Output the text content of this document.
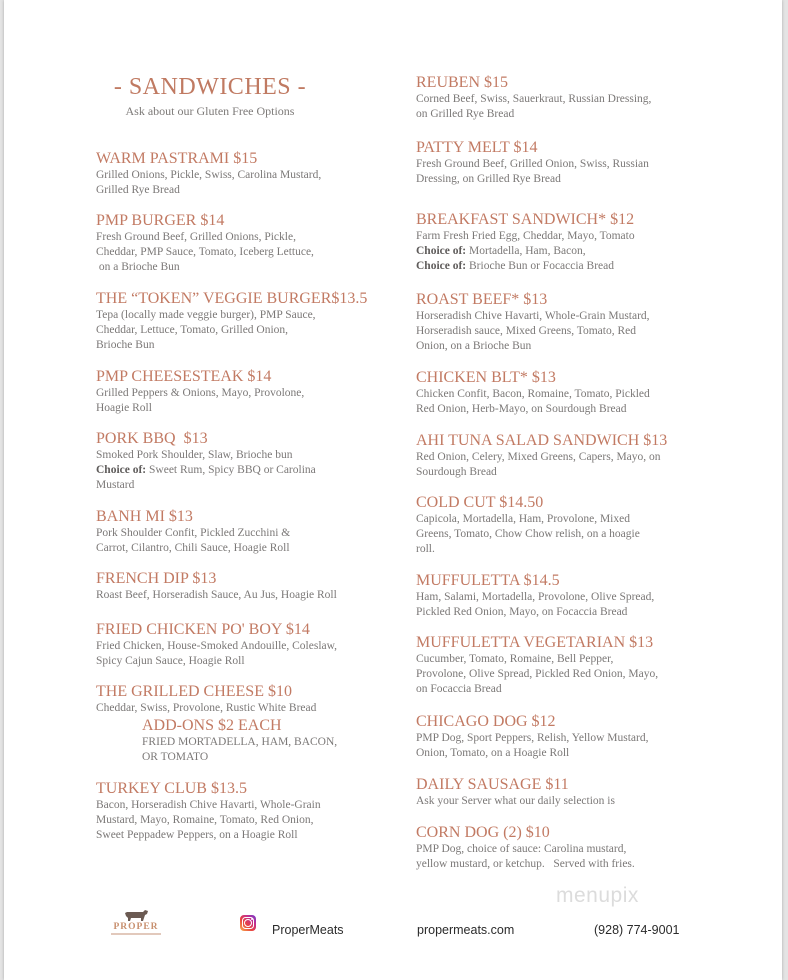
- SANDWICHES -
Ask about our Gluten Free Options
WARM PASTRAMI $15
Grilled Onions, Pickle, Swiss, Carolina Mustard,
Grilled Rye Bread
PMP BURGER $14
Fresh Ground Beef, Grilled Onions, Pickle,
Cheddar, PMP Sauce, Tomato, Iceberg Lettuce,
on a Brioche Bun
THE “TOKEN” VEGGIE BURGER$13.5
Tepa (locally made veggie burger), PMP Sauce,
Cheddar, Lettuce, Tomato, Grilled Onion,
Brioche Bun
PMP CHEESESTEAK $14
Grilled Peppers & Onions, Mayo, Provolone,
Hoagie Roll
PORK BBQ  $13
Smoked Pork Shoulder, Slaw, Brioche bun
Choice of: Sweet Rum, Spicy BBQ or Carolina
Mustard
BANH MI $13
Pork Shoulder Confit, Pickled Zucchini &
Carrot, Cilantro, Chili Sauce, Hoagie Roll
FRENCH DIP $13
Roast Beef, Horseradish Sauce, Au Jus, Hoagie Roll
FRIED CHICKEN PO' BOY $14
Fried Chicken, House-Smoked Andouille, Coleslaw,
Spicy Cajun Sauce, Hoagie Roll
THE GRILLED CHEESE $10
Cheddar, Swiss, Provolone, Rustic White Bread
ADD-ONS $2 EACH
FRIED MORTADELLA, HAM, BACON,
OR TOMATO
TURKEY CLUB $13.5
Bacon, Horseradish Chive Havarti, Whole-Grain
Mustard, Mayo, Romaine, Tomato, Red Onion,
Sweet Peppadew Peppers, on a Hoagie Roll
REUBEN $15
Corned Beef, Swiss, Sauerkraut, Russian Dressing,
on Grilled Rye Bread
PATTY MELT $14
Fresh Ground Beef, Grilled Onion, Swiss, Russian
Dressing, on Grilled Rye Bread
BREAKFAST SANDWICH* $12
Farm Fresh Fried Egg, Cheddar, Mayo, Tomato
Choice of: Mortadella, Ham, Bacon,
Choice of: Brioche Bun or Focaccia Bread
ROAST BEEF* $13
Horseradish Chive Havarti, Whole-Grain Mustard,
Horseradish sauce, Mixed Greens, Tomato, Red
Onion, on a Brioche Bun
CHICKEN BLT* $13
Chicken Confit, Bacon, Romaine, Tomato, Pickled
Red Onion, Herb-Mayo, on Sourdough Bread
AHI TUNA SALAD SANDWICH $13
Red Onion, Celery, Mixed Greens, Capers, Mayo, on
Sourdough Bread
COLD CUT $14.50
Capicola, Mortadella, Ham, Provolone, Mixed
Greens, Tomato, Chow Chow relish, on a hoagie
roll.
MUFFULETTA $14.5
Ham, Salami, Mortadella, Provolone, Olive Spread,
Pickled Red Onion, Mayo, on Focaccia Bread
MUFFULETTA VEGETARIAN $13
Cucumber, Tomato, Romaine, Bell Pepper,
Provolone, Olive Spread, Pickled Red Onion, Mayo,
on Focaccia Bread
CHICAGO DOG $12
PMP Dog, Sport Peppers, Relish, Yellow Mustard,
Onion, Tomato, on a Hoagie Roll
DAILY SAUSAGE $11
Ask your Server what our daily selection is
CORN DOG (2) $10
PMP Dog, choice of sauce: Carolina mustard,
yellow mustard, or ketchup.   Served with fries.
menupix
PROPER	ProperMeats	propermeats.com	(928) 774-9001
